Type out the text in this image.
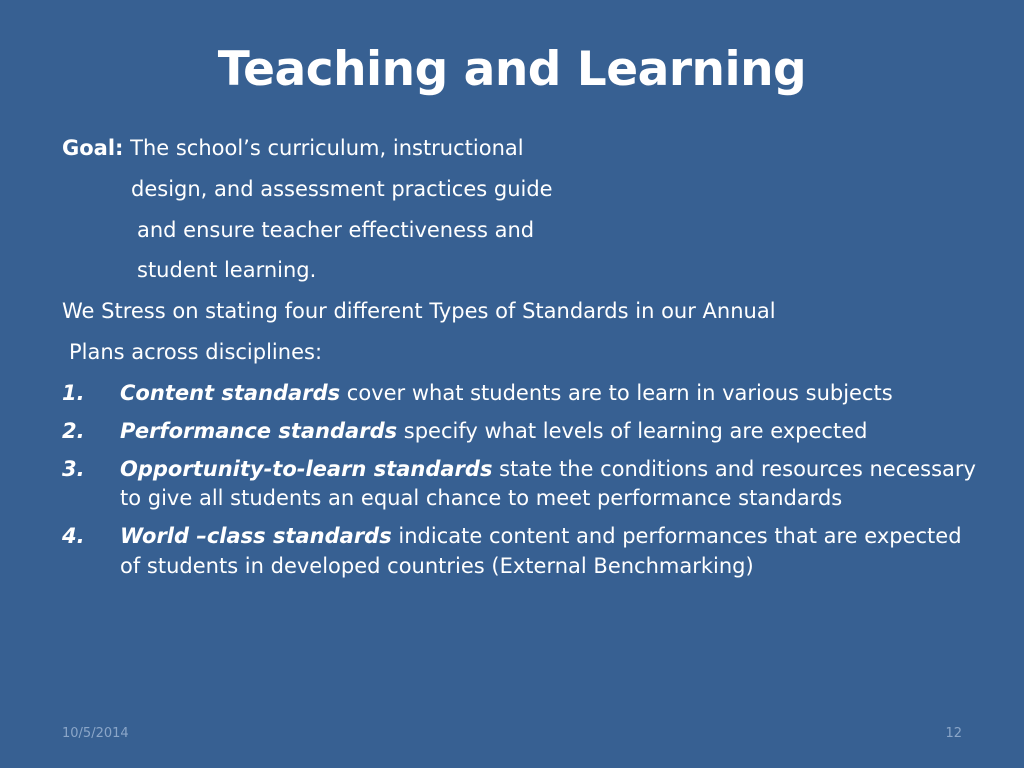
Teaching and Learning
Goal: The school’s curriculum, instructional
design, and assessment practices guide
and ensure teacher effectiveness and
student learning.
We Stress on stating four different Types of Standards in our Annual
Plans across disciplines:
1.	Content standards cover what students are to learn in various subjects
2.	Performance standards specify what levels of learning are expected
3.	Opportunity-to-learn standards state the conditions and resources necessary to give all students an equal chance to meet performance standards
4.	World –class standards indicate content and performances that are expected of students in developed countries (External Benchmarking)
10/5/2014	12
